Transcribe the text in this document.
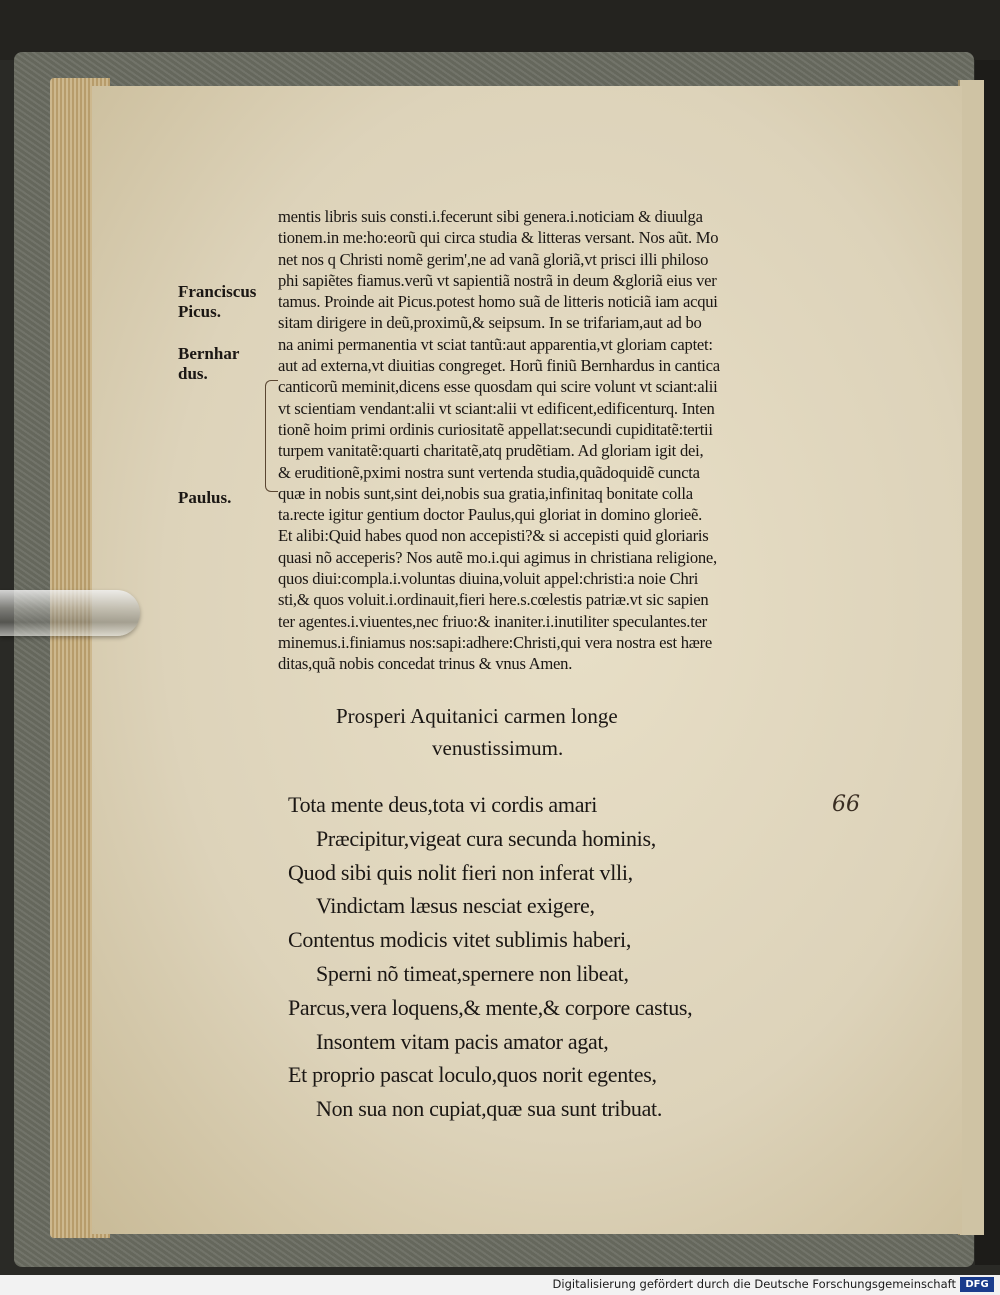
Franciscus
Picus.
Bernhar
dus.
Paulus.
mentis libris suis consti.i.fecerunt sibi genera.i.noticiam & diuulga
tionem.in me:ho:eorũ qui circa studia & litteras versant. Nos aũt. Mo
net nos q Christi nomẽ gerim',ne ad vanã gloriã,vt prisci illi philoso
phi sapiẽtes fiamus.verũ vt sapientiã nostrã in deum &gloriã eius ver
tamus. Proinde ait Picus.potest homo suã de litteris noticiã iam acqui
sitam dirigere in deũ,proximũ,& seipsum. In se trifariam,aut ad bo
na animi permanentia vt sciat tantũ:aut apparentia,vt gloriam captet:
aut ad externa,vt diuitias congreget. Horũ finiũ Bernhardus in cantica
canticorũ meminit,dicens esse quosdam qui scire volunt vt sciant:alii
vt scientiam vendant:alii vt sciant:alii vt edificent,edificenturq. Inten
tionẽ hoim primi ordinis curiositatẽ appellat:secundi cupiditatẽ:tertii
turpem vanitatẽ:quarti charitatẽ,atq prudẽtiam. Ad gloriam igit dei,
& eruditionẽ,pximi nostra sunt vertenda studia,quãdoquidẽ cuncta
quæ in nobis sunt,sint dei,nobis sua gratia,infinitaq bonitate colla
ta.recte igitur gentium doctor Paulus,qui gloriat in domino glorieẽ.
Et alibi:Quid habes quod non accepisti?& si accepisti quid gloriaris
quasi nõ acceperis? Nos autẽ mo.i.qui agimus in christiana religione,
quos diui:compla.i.voluntas diuina,voluit appel:christi:a noie Chri
sti,& quos voluit.i.ordinauit,fieri here.s.cœlestis patriæ.vt sic sapien
ter agentes.i.viuentes,nec friuo:& inaniter.i.inutiliter speculantes.ter
minemus.i.finiamus nos:sapi:adhere:Christi,qui vera nostra est hære
ditas,quã nobis concedat trinus & vnus Amen.
Prosperi Aquitanici carmen longe
venustissimum.
Tota mente deus,tota vi cordis amari
Præcipitur,vigeat cura secunda hominis,
Quod sibi quis nolit fieri non inferat vlli,
Vindictam læsus nesciat exigere,
Contentus modicis vitet sublimis haberi,
Sperni nõ timeat,spernere non libeat,
Parcus,vera loquens,& mente,& corpore castus,
Insontem vitam pacis amator agat,
Et proprio pascat loculo,quos norit egentes,
Non sua non cupiat,quæ sua sunt tribuat.
66
Digitalisierung gefördert durch die Deutsche Forschungsgemeinschaft DFG
